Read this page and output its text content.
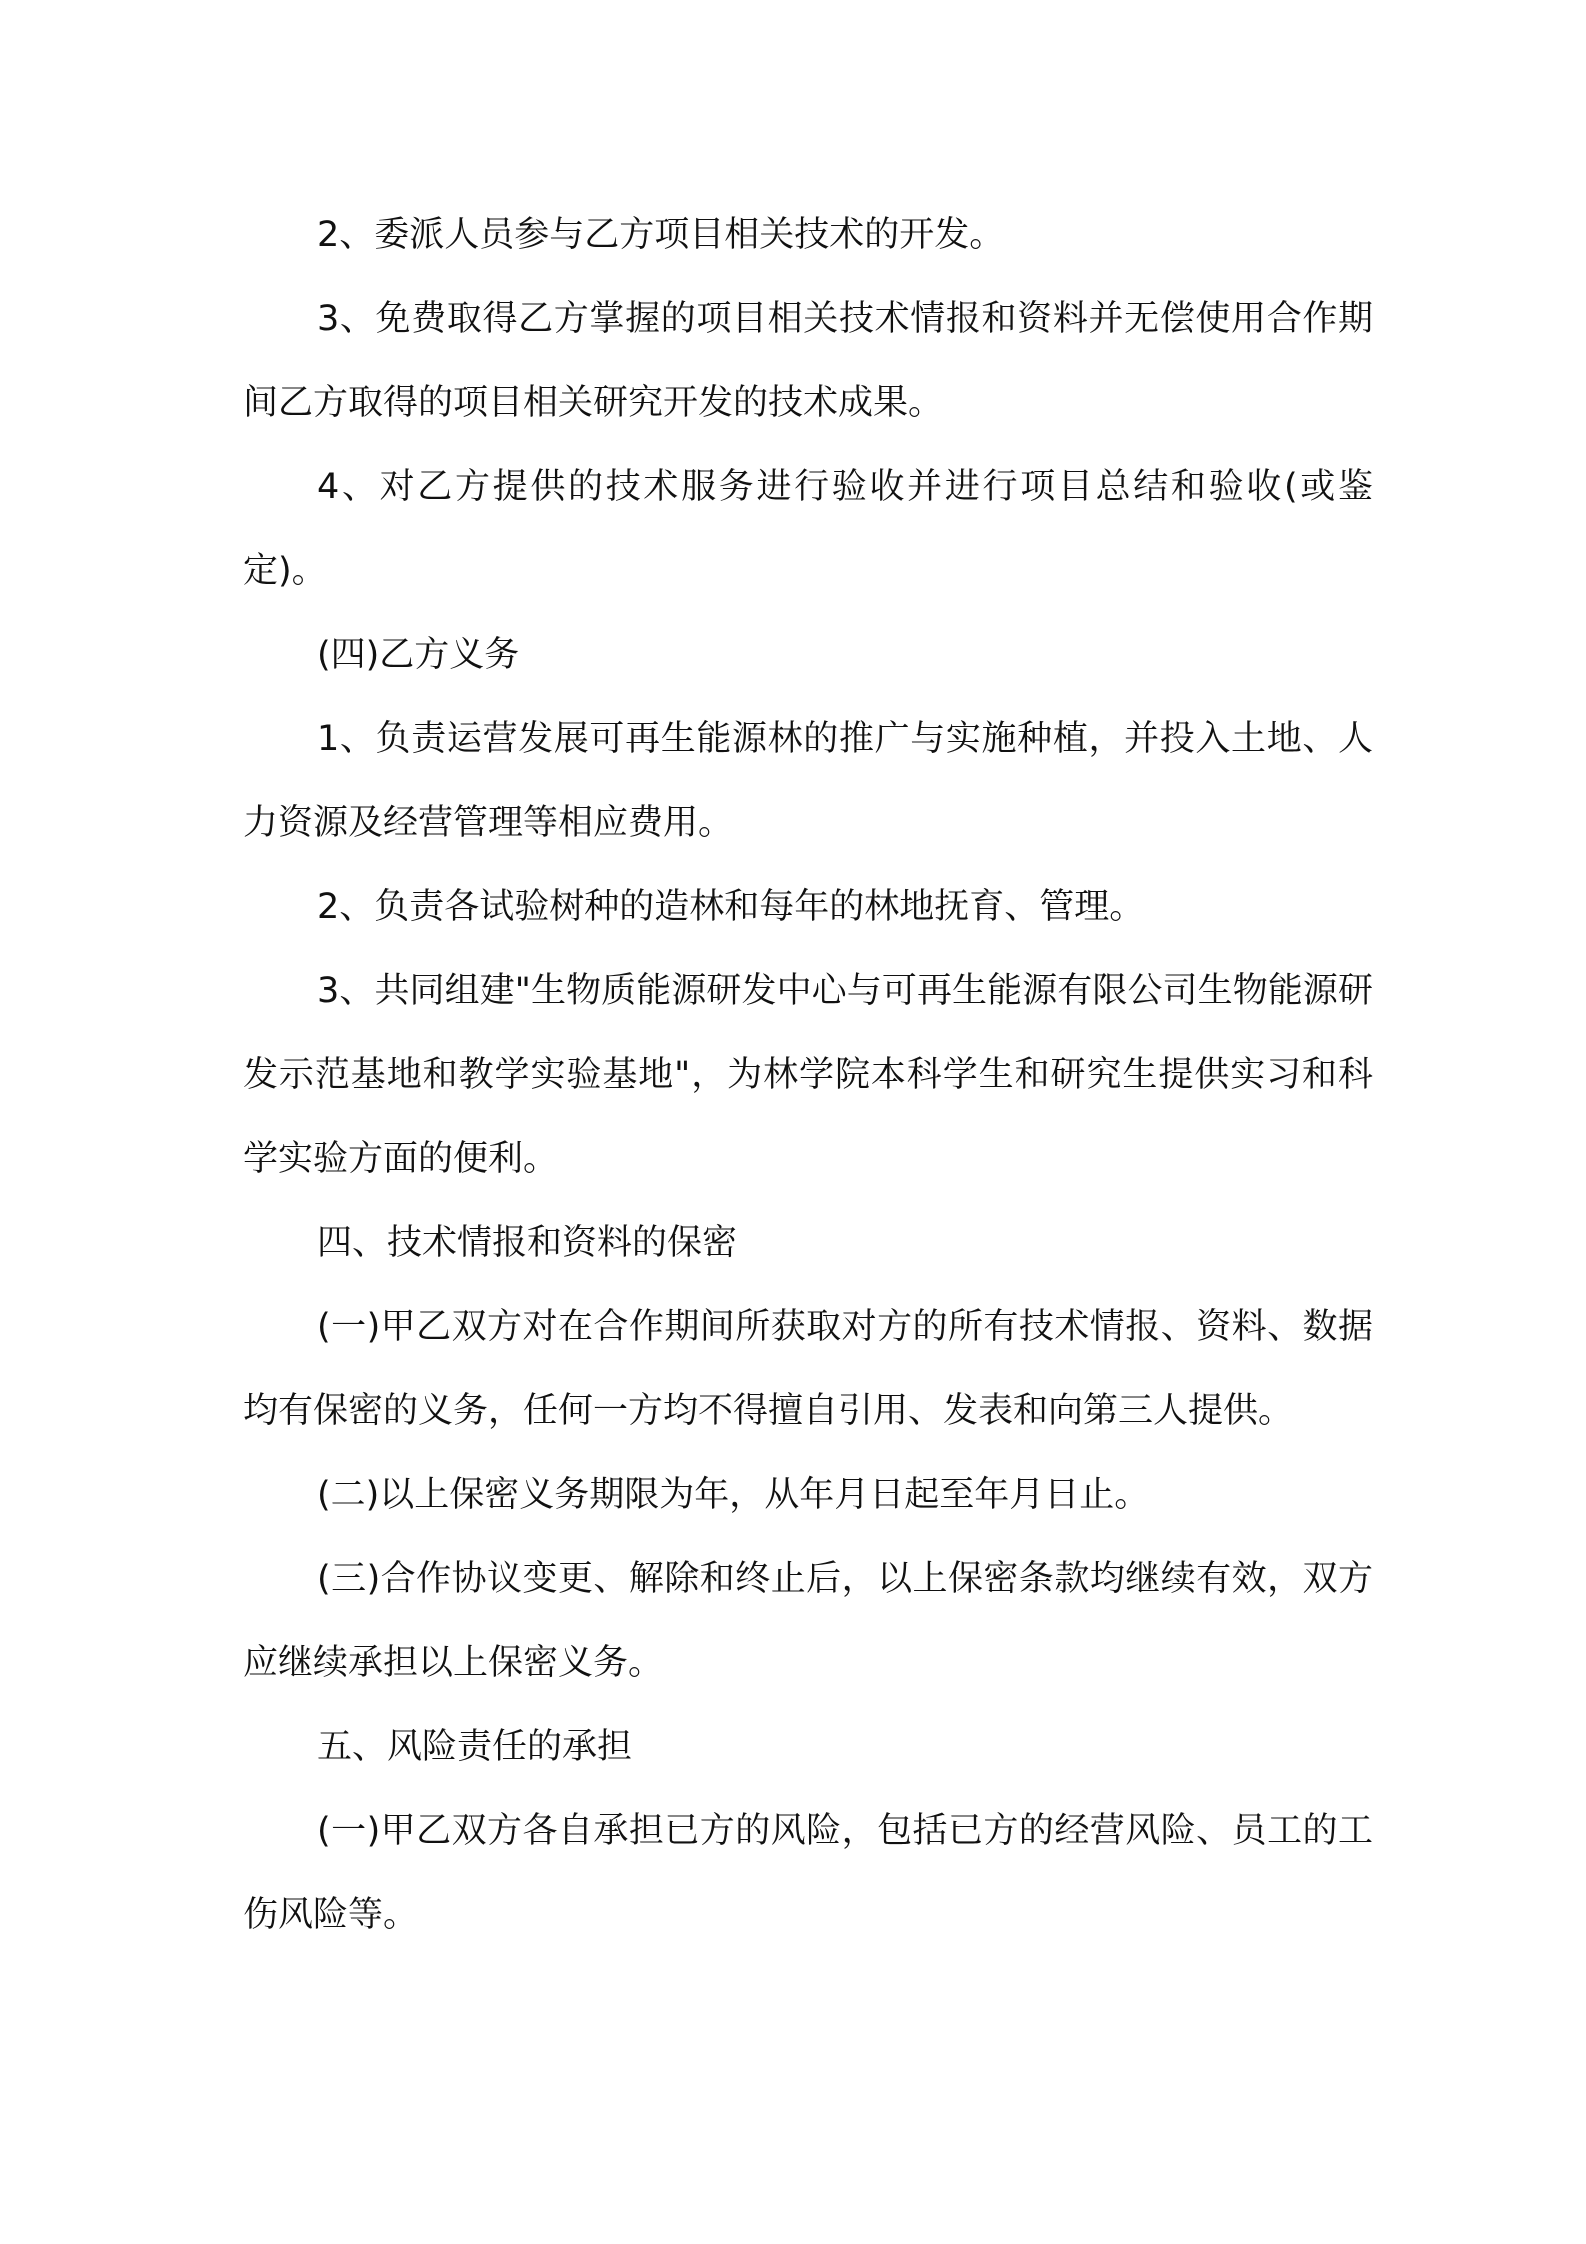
2、委派人员参与乙方项目相关技术的开发。

3、免费取得乙方掌握的项目相关技术情报和资料并无偿使用合作期间乙方取得的项目相关研究开发的技术成果。

4、对乙方提供的技术服务进行验收并进行项目总结和验收(或鉴定)。

(四)乙方义务

1、负责运营发展可再生能源林的推广与实施种植，并投入土地、人力资源及经营管理等相应费用。

2、负责各试验树种的造林和每年的林地抚育、管理。

3、共同组建"生物质能源研发中心与可再生能源有限公司生物能源研发示范基地和教学实验基地"，为林学院本科学生和研究生提供实习和科学实验方面的便利。

四、技术情报和资料的保密

(一)甲乙双方对在合作期间所获取对方的所有技术情报、资料、数据均有保密的义务，任何一方均不得擅自引用、发表和向第三人提供。

(二)以上保密义务期限为年，从年月日起至年月日止。

(三)合作协议变更、解除和终止后，以上保密条款均继续有效，双方应继续承担以上保密义务。

五、风险责任的承担

(一)甲乙双方各自承担已方的风险，包括已方的经营风险、员工的工伤风险等。
